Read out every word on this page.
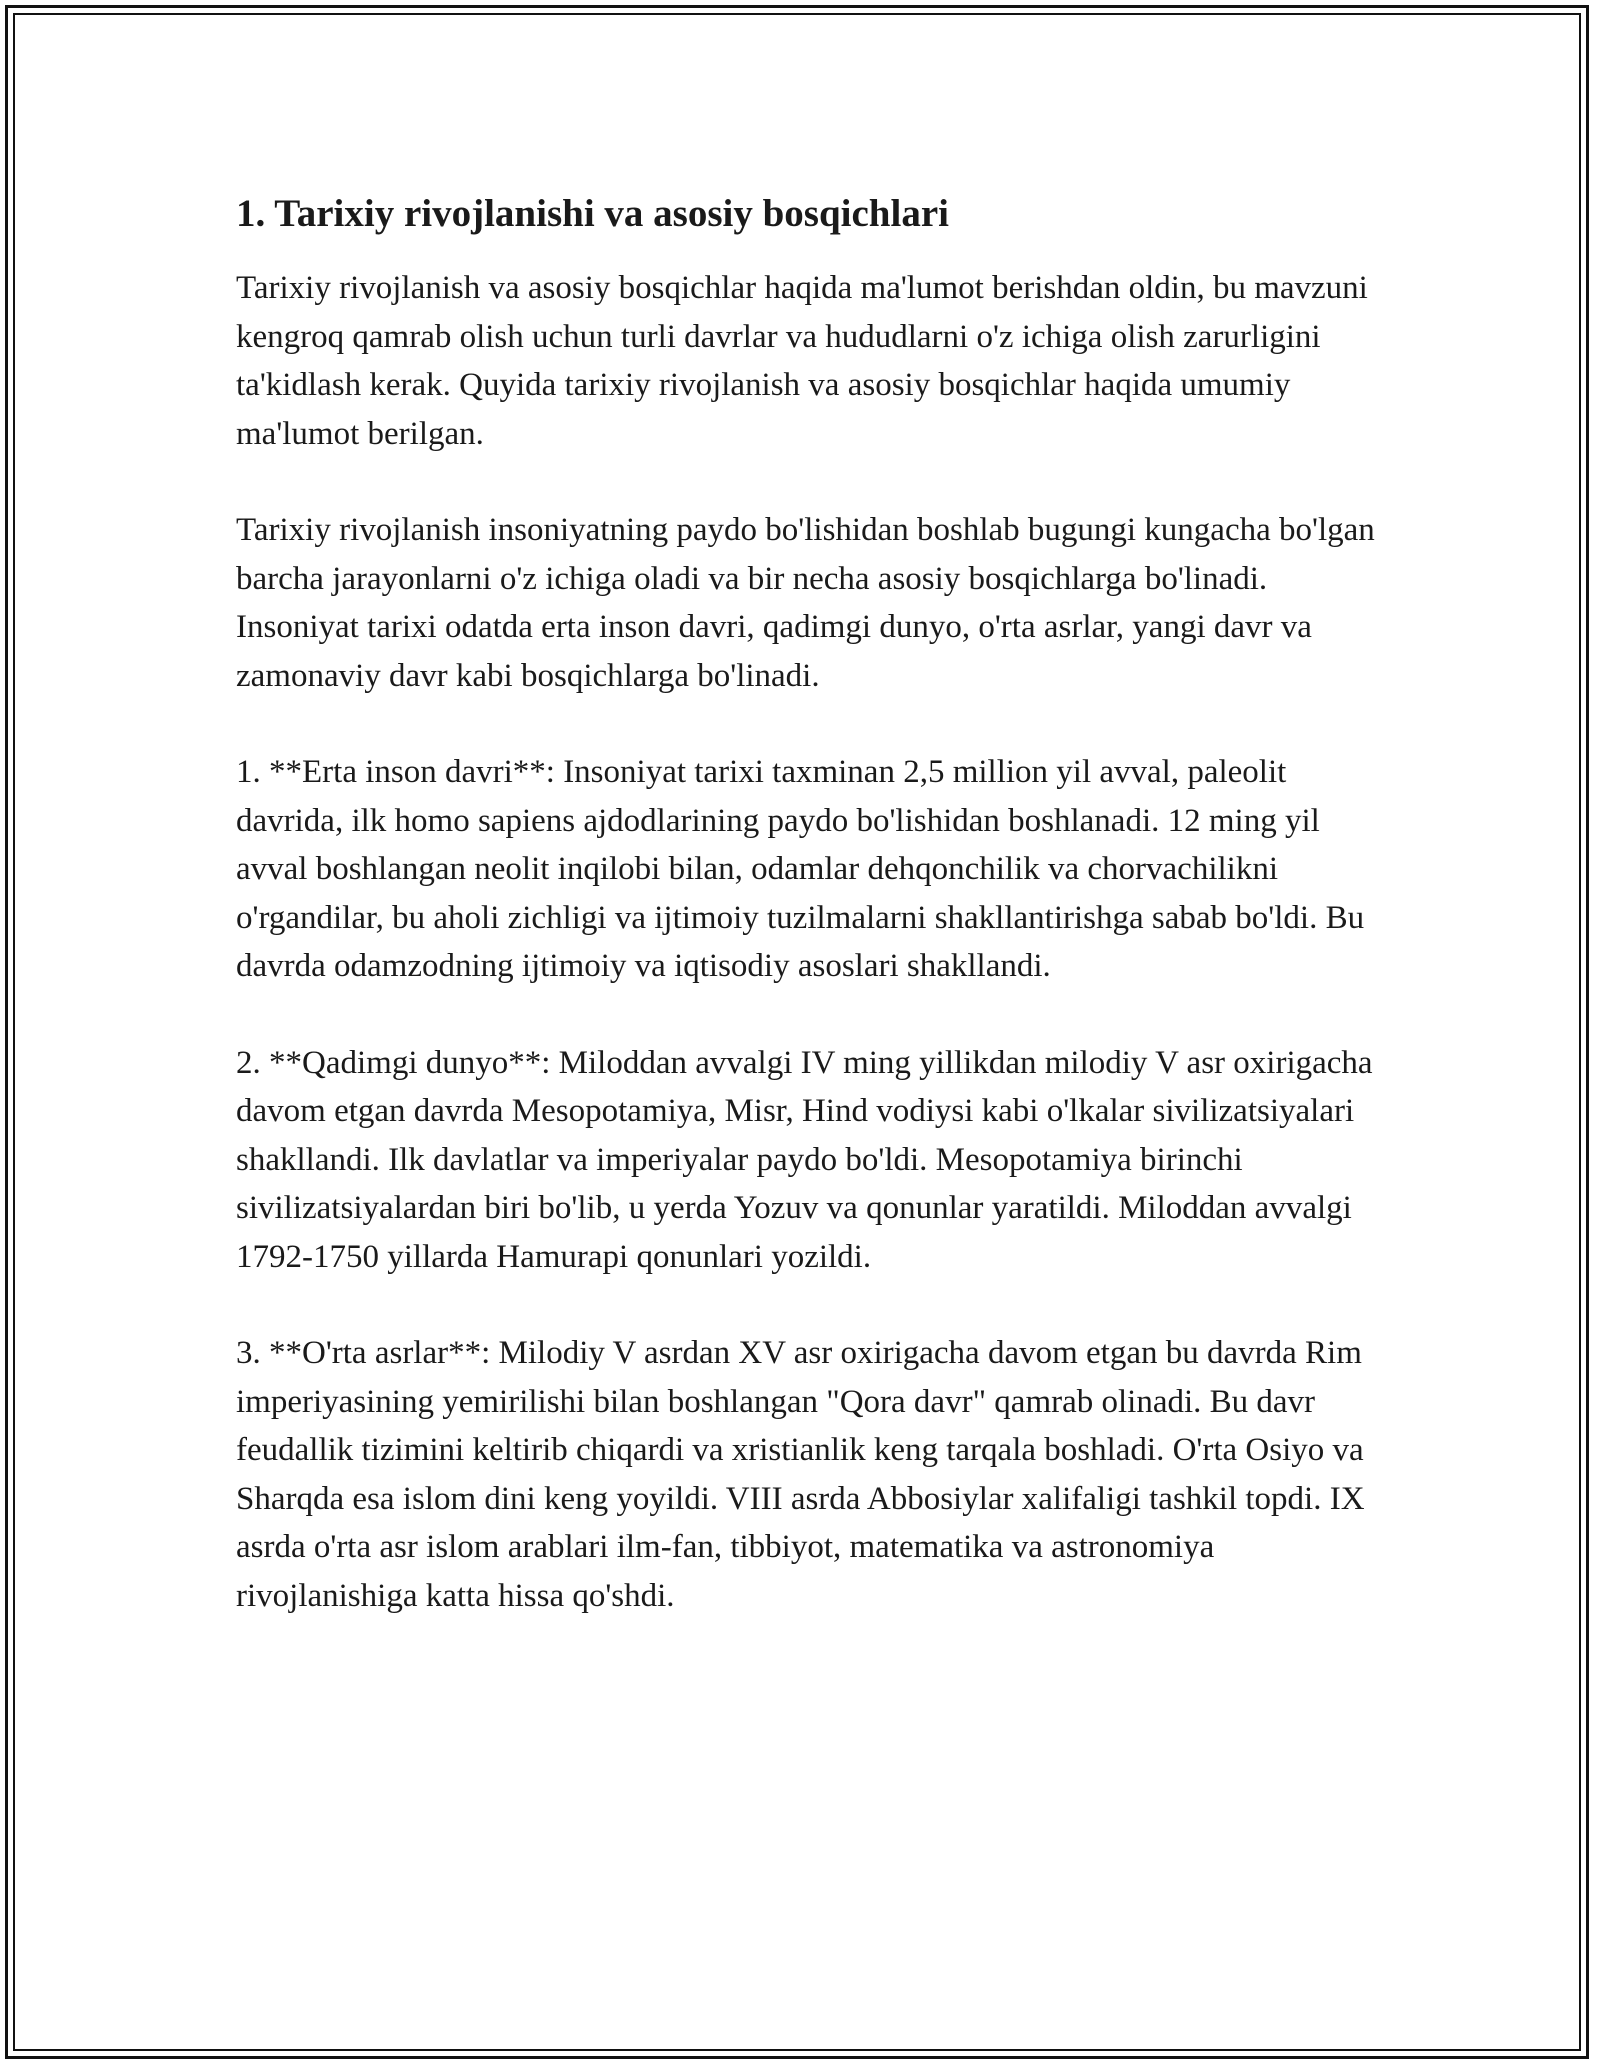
1. Tarixiy rivojlanishi va asosiy bosqichlari

Tarixiy rivojlanish va asosiy bosqichlar haqida ma'lumot berishdan oldin, bu mavzuni kengroq qamrab olish uchun turli davrlar va hududlarni o'z ichiga olish zarurligini ta'kidlash kerak. Quyida tarixiy rivojlanish va asosiy bosqichlar haqida umumiy ma'lumot berilgan.

Tarixiy rivojlanish insoniyatning paydo bo'lishidan boshlab bugungi kungacha bo'lgan barcha jarayonlarni o'z ichiga oladi va bir necha asosiy bosqichlarga bo'linadi. Insoniyat tarixi odatda erta inson davri, qadimgi dunyo, o'rta asrlar, yangi davr va zamonaviy davr kabi bosqichlarga bo'linadi.

1. **Erta inson davri**: Insoniyat tarixi taxminan 2,5 million yil avval, paleolit davrida, ilk homo sapiens ajdodlarining paydo bo'lishidan boshlanadi. 12 ming yil avval boshlangan neolit inqilobi bilan, odamlar dehqonchilik va chorvachilikni o'rgandilar, bu aholi zichligi va ijtimoiy tuzilmalarni shakllantirishga sabab bo'ldi. Bu davrda odamzodning ijtimoiy va iqtisodiy asoslari shakllandi.

2. **Qadimgi dunyo**: Miloddan avvalgi IV ming yillikdan milodiy V asr oxirigacha davom etgan davrda Mesopotamiya, Misr, Hind vodiysi kabi o'lkalar sivilizatsiyalari shakllandi. Ilk davlatlar va imperiyalar paydo bo'ldi. Mesopotamiya birinchi sivilizatsiyalardan biri bo'lib, u yerda Yozuv va qonunlar yaratildi. Miloddan avvalgi 1792-1750 yillarda Hamurapi qonunlari yozildi.

3. **O'rta asrlar**: Milodiy V asrdan XV asr oxirigacha davom etgan bu davrda Rim imperiyasining yemirilishi bilan boshlangan "Qora davr" qamrab olinadi. Bu davr feudallik tizimini keltirib chiqardi va xristianlik keng tarqala boshladi. O'rta Osiyo va Sharqda esa islom dini keng yoyildi. VIII asrda Abbosiylar xalifaligi tashkil topdi. IX asrda o'rta asr islom arablari ilm-fan, tibbiyot, matematika va astronomiya rivojlanishiga katta hissa qo'shdi.
